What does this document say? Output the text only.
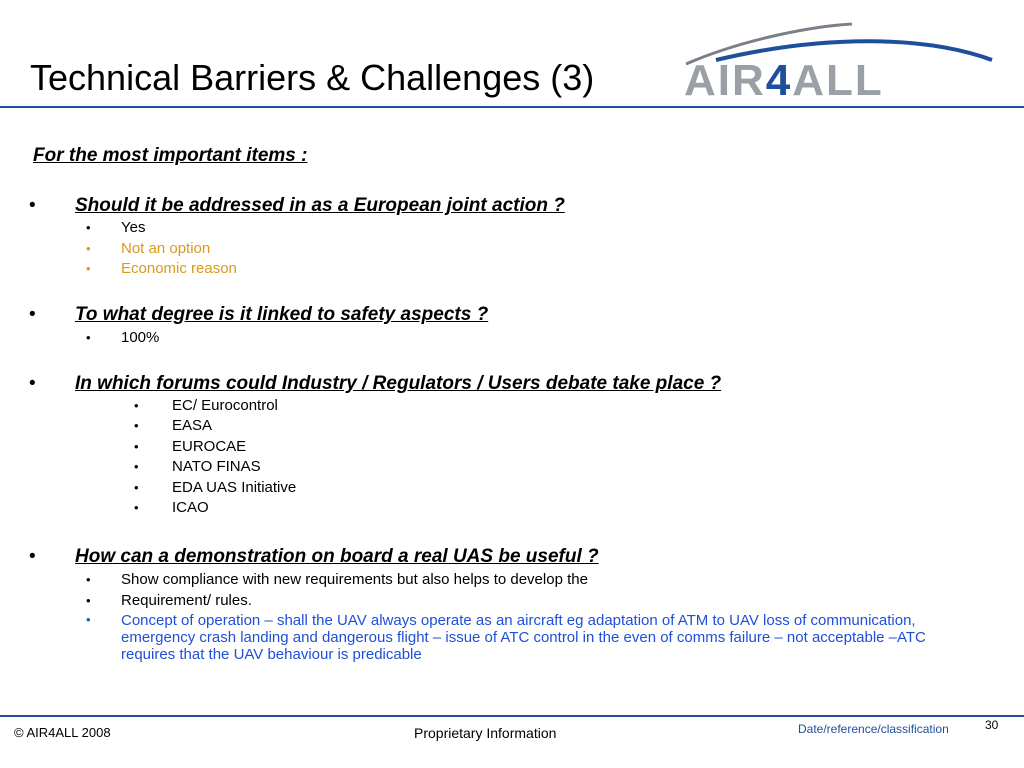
Technical Barriers & Challenges (3) AIR4ALL
For the most important items :
• Should it be addressed in as a European joint action ?
• Yes
• Not an option
• Economic reason
• To what degree is it linked to safety aspects ?
• 100%
• In which forums could Industry / Regulators / Users debate take place ?
• EC/ Eurocontrol
• EASA
• EUROCAE
• NATO FINAS
• EDA UAS Initiative
• ICAO
• How can a demonstration on board a real UAS be useful ?
• Show compliance with new requirements but also helps to develop the
• Requirement/ rules.
• Concept of operation – shall the UAV always operate as an aircraft eg adaptation of ATM to UAV loss of communication, emergency crash landing and dangerous flight – issue of ATC control in the even of comms failure – not acceptable –ATC requires that the UAV behaviour is predicable
© AIR4ALL 2008	Proprietary Information	Date/reference/classification	30
